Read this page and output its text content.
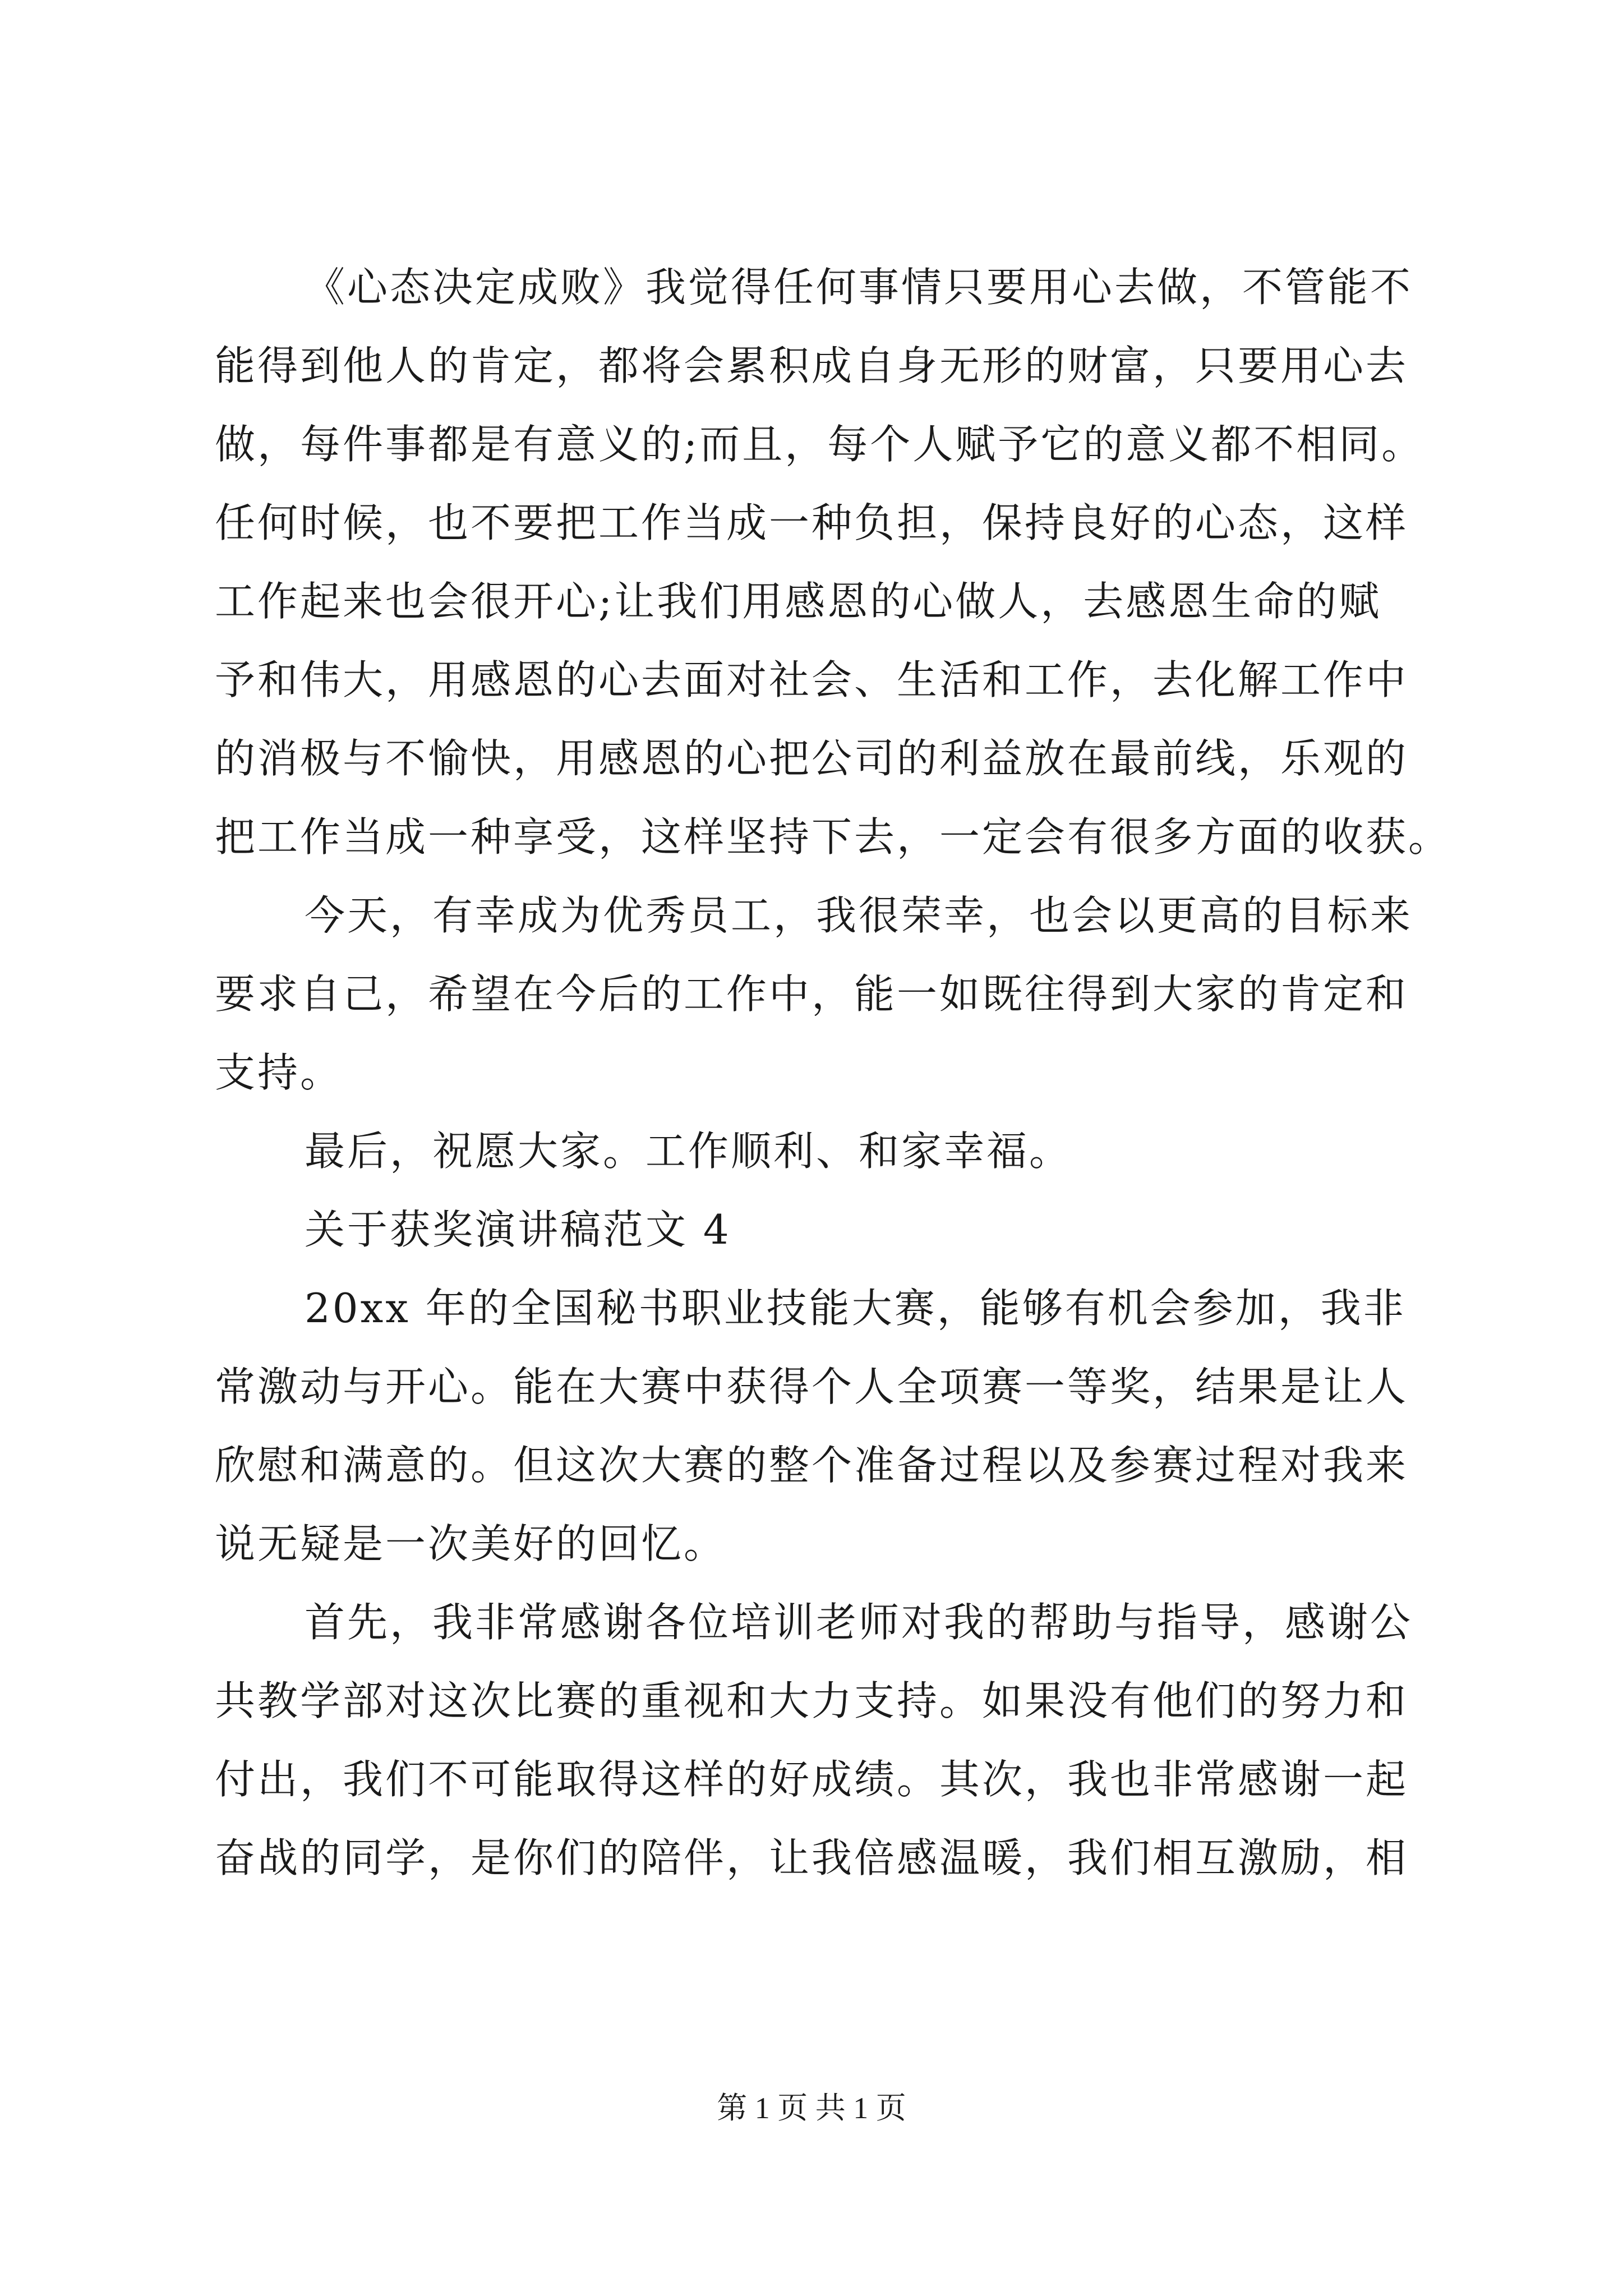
《心态决定成败》我觉得任何事情只要用心去做，不管能不
能得到他人的肯定，都将会累积成自身无形的财富，只要用心去
做，每件事都是有意义的;而且，每个人赋予它的意义都不相同。
任何时候，也不要把工作当成一种负担，保持良好的心态，这样
工作起来也会很开心;让我们用感恩的心做人，去感恩生命的赋
予和伟大，用感恩的心去面对社会、生活和工作，去化解工作中
的消极与不愉快，用感恩的心把公司的利益放在最前线，乐观的
把工作当成一种享受，这样坚持下去，一定会有很多方面的收获。
今天，有幸成为优秀员工，我很荣幸，也会以更高的目标来
要求自己，希望在今后的工作中，能一如既往得到大家的肯定和
支持。
最后，祝愿大家。工作顺利、和家幸福。
关于获奖演讲稿范文 4
20xx 年的全国秘书职业技能大赛，能够有机会参加，我非
常激动与开心。能在大赛中获得个人全项赛一等奖，结果是让人
欣慰和满意的。但这次大赛的整个准备过程以及参赛过程对我来
说无疑是一次美好的回忆。
首先，我非常感谢各位培训老师对我的帮助与指导，感谢公
共教学部对这次比赛的重视和大力支持。如果没有他们的努力和
付出，我们不可能取得这样的好成绩。其次，我也非常感谢一起
奋战的同学，是你们的陪伴，让我倍感温暖，我们相互激励，相
第 1 页 共 1 页
